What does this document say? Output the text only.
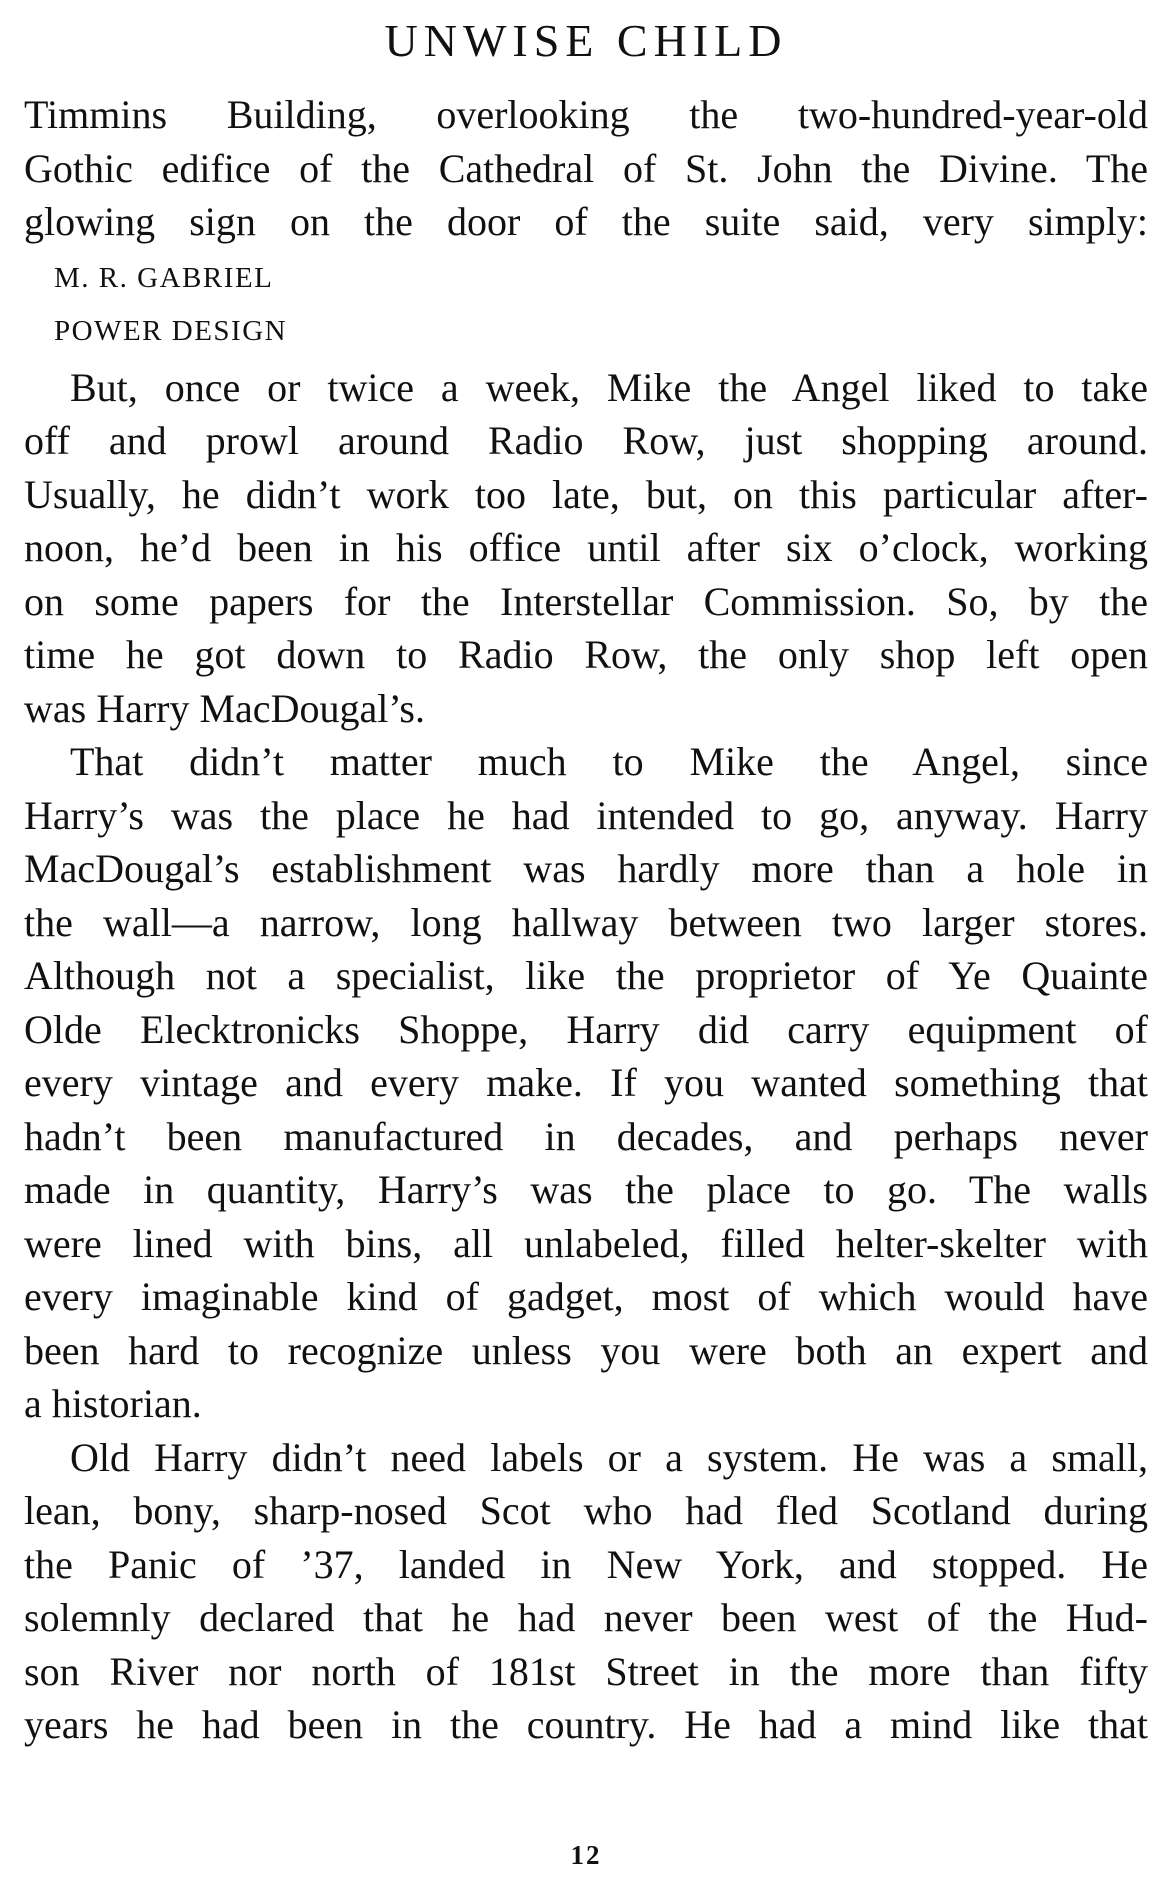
UNWISE CHILD

Timmins Building, overlooking the two-hundred-year-old
Gothic edifice of the Cathedral of St. John the Divine. The
glowing sign on the door of the suite said, very simply:

M. R. GABRIEL

POWER DESIGN

But, once or twice a week, Mike the Angel liked to take
off and prowl around Radio Row, just shopping around.
Usually, he didn’t work too late, but, on this particular after-
noon, he’d been in his office until after six o’clock, working
on some papers for the Interstellar Commission. So, by the
time he got down to Radio Row, the only shop left open
was Harry MacDougal’s.

That didn’t matter much to Mike the Angel, since
Harry’s was the place he had intended to go, anyway. Harry
MacDougal’s establishment was hardly more than a hole in
the wall—a narrow, long hallway between two larger stores.
Although not a specialist, like the proprietor of Ye Quainte
Olde Elecktronicks Shoppe, Harry did carry equipment of
every vintage and every make. If you wanted something that
hadn’t been manufactured in decades, and perhaps never
made in quantity, Harry’s was the place to go. The walls
were lined with bins, all unlabeled, filled helter-skelter with
every imaginable kind of gadget, most of which would have
been hard to recognize unless you were both an expert and
a historian.

Old Harry didn’t need labels or a system. He was a small,
lean, bony, sharp-nosed Scot who had fled Scotland during
the Panic of ’37, landed in New York, and stopped. He
solemnly declared that he had never been west of the Hud-
son River nor north of 181st Street in the more than fifty
years he had been in the country. He had a mind like that

12
